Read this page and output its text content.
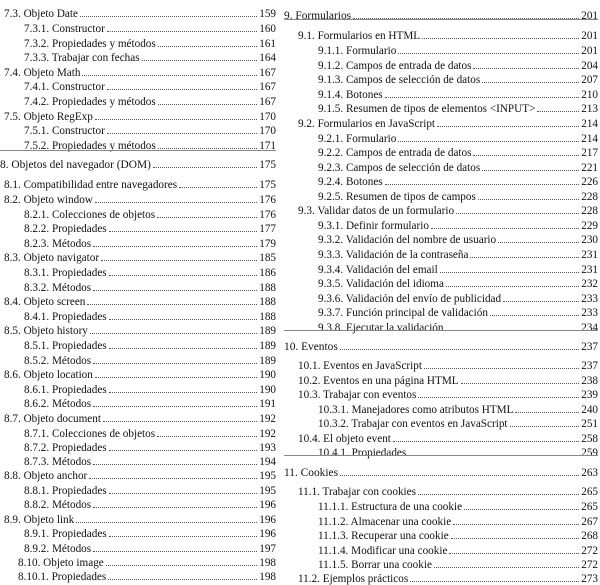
7.3. Objeto Date	159
7.3.1. Constructor	160
7.3.2. Propiedades y métodos	161
7.3.3. Trabajar con fechas	164
7.4. Objeto Math	167
7.4.1. Constructor	167
7.4.2. Propiedades y métodos	167
7.5. Objeto RegExp	170
7.5.1. Constructor	170
7.5.2. Propiedades y métodos	171
8. Objetos del navegador (DOM)	175
8.1. Compatibilidad entre navegadores	175
8.2. Objeto window	176
8.2.1. Colecciones de objetos	176
8.2.2. Propiedades	177
8.2.3. Métodos	179
8.3. Objeto navigator	185
8.3.1. Propiedades	186
8.3.2. Métodos	188
8.4. Objeto screen	188
8.4.1. Propiedades	188
8.5. Objeto history	189
8.5.1. Propiedades	189
8.5.2. Métodos	189
8.6. Objeto location	190
8.6.1. Propiedades	190
8.6.2. Métodos	191
8.7. Objeto document	192
8.7.1. Colecciones de objetos	192
8.7.2. Propiedades	193
8.7.3. Métodos	194
8.8. Objeto anchor	195
8.8.1. Propiedades	195
8.8.2. Métodos	196
8.9. Objeto link	196
8.9.1. Propiedades	196
8.9.2. Métodos	197
8.10. Objeto image	198
8.10.1. Propiedades	198
9. Formularios	201
9.1. Formularios en HTML	201
9.1.1. Formulario	201
9.1.2. Campos de entrada de datos	204
9.1.3. Campos de selección de datos	207
9.1.4. Botones	210
9.1.5. Resumen de tipos de elementos <INPUT>	213
9.2. Formularios en JavaScript	214
9.2.1. Formulario	214
9.2.2. Campos de entrada de datos	217
9.2.3. Campos de selección de datos	221
9.2.4. Botones	226
9.2.5. Resumen de tipos de campos	228
9.3. Validar datos de un formulario	228
9.3.1. Definir formulario	229
9.3.2. Validación del nombre de usuario	230
9.3.3. Validación de la contraseña	231
9.3.4. Validación del email	231
9.3.5. Validación del idioma	232
9.3.6. Validación del envío de publicidad	233
9.3.7. Función principal de validación	233
9.3.8. Ejecutar la validación	234
10. Eventos	237
10.1. Eventos en JavaScript	237
10.2. Eventos en una página HTML	238
10.3. Trabajar con eventos	239
10.3.1. Manejadores como atributos HTML	240
10.3.2. Trabajar con eventos en JavaScript	251
10.4. El objeto event	258
10.4.1. Propiedades	259
11. Cookies	263
11.1. Trabajar con cookies	265
11.1.1. Estructura de una cookie	265
11.1.2. Almacenar una cookie	267
11.1.3. Recuperar una cookie	268
11.1.4. Modificar una cookie	272
11.1.5. Borrar una cookie	272
11.2. Ejemplos prácticos	273
